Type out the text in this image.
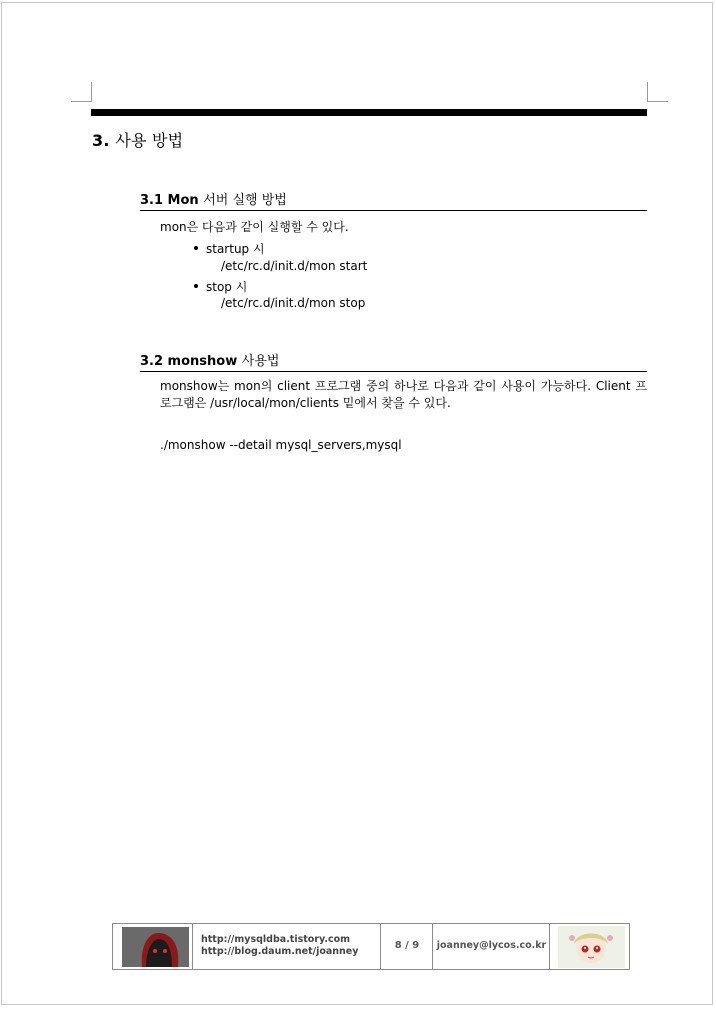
3. 사용 방법
3.1 Mon 서버 실행 방법
mon은 다음과 같이 실행할 수 있다.
startup 시
/etc/rc.d/init.d/mon start
stop 시
/etc/rc.d/init.d/mon stop
3.2 monshow 사용법
monshow는 mon의 client 프로그램 중의 하나로 다음과 같이 사용이 가능하다. Client 프로그램은 /usr/local/mon/clients 밑에서 찾을 수 있다.
./monshow --detail mysql_servers,mysql
http://mysqldba.tistory.com
http://blog.daum.net/joanney
8 / 9	joanney@lycos.co.kr
